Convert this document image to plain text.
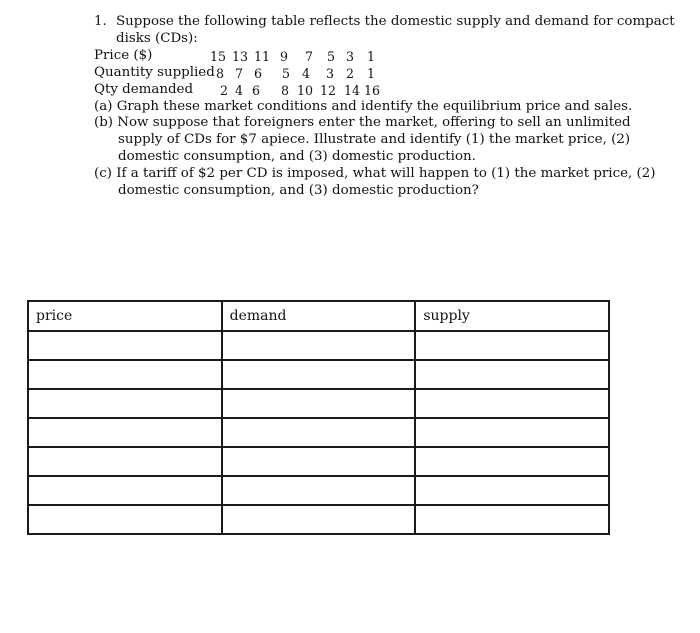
1. Suppose the following table reflects the domestic supply and demand for compact
disks (CDs):
Price ($)	15 13 11 9	7	5 3	1
Quantity supplied 8 7 6	5 4	3 2	1
Qty demanded	2 4 6	8 10 12 14 16
(a) Graph these market conditions and identify the equilibrium price and sales.
(b) Now suppose that foreigners enter the market, offering to sell an unlimited
supply of CDs for $7 apiece. Illustrate and identify (1) the market price, (2)
domestic consumption, and (3) domestic production.
(c) If a tariff of $2 per CD is imposed, what will happen to (1) the market price, (2)
domestic consumption, and (3) domestic production?
price	demand	supply
